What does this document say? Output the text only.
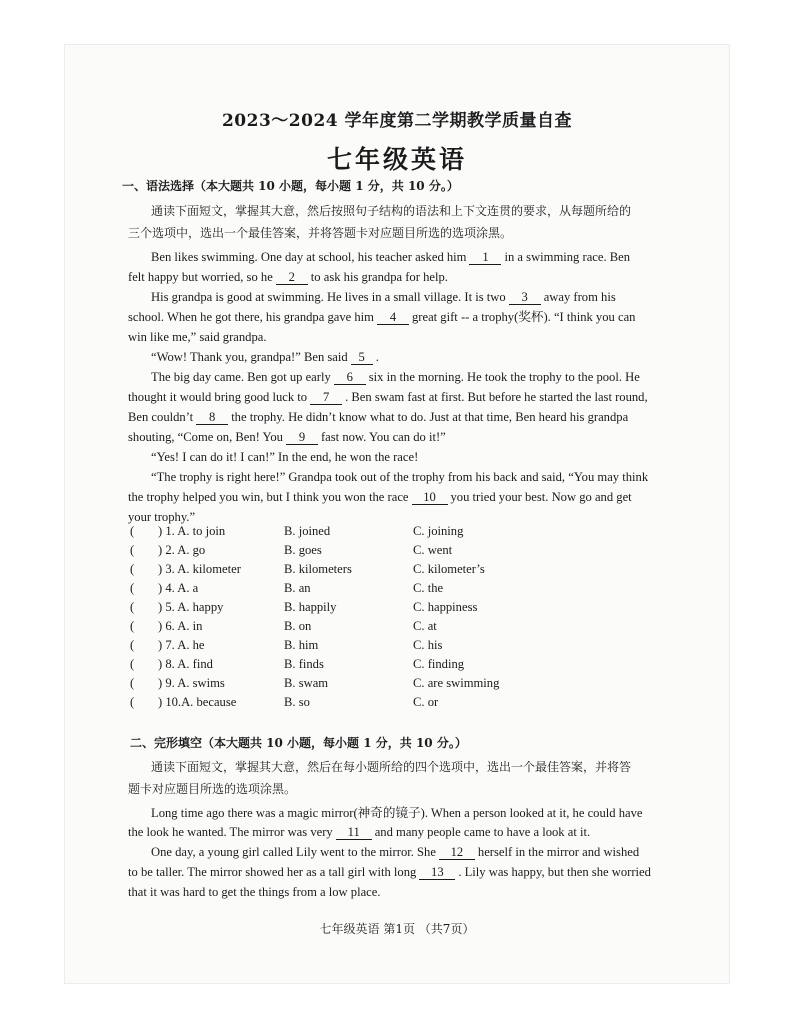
2023～2024 学年度第二学期教学质量自查
七年级英语
一、语法选择（本大题共 10 小题，每小题 1 分，共 10 分。）
通读下面短文，掌握其大意，然后按照句子结构的语法和上下文连贯的要求，从每题所给的
三个选项中，选出一个最佳答案，并将答题卡对应题目所选的选项涂黑。
Ben likes swimming. One day at school, his teacher asked him 1 in a swimming race. Ben
felt happy but worried, so he 2 to ask his grandpa for help.
His grandpa is good at swimming. He lives in a small village. It is two 3 away from his
school. When he got there, his grandpa gave him 4 great gift -- a trophy(奖杯). “I think you can
win like me,” said grandpa.
“Wow! Thank you, grandpa!” Ben said 5 .
The big day came. Ben got up early 6 six in the morning. He took the trophy to the pool. He
thought it would bring good luck to 7 . Ben swam fast at first. But before he started the last round,
Ben couldn’t 8 the trophy. He didn’t know what to do. Just at that time, Ben heard his grandpa
shouting, “Come on, Ben! You 9 fast now. You can do it!”
“Yes! I can do it! I can!” In the end, he won the race!
“The trophy is right here!” Grandpa took out of the trophy from his back and said, “You may think
the trophy helped you win, but I think you won the race 10 you tried your best. Now go and get
your trophy.”
( ) 1. A. to join	B. joined	C. joining
( ) 2. A. go	B. goes	C. went
( ) 3. A. kilometer	B. kilometers	C. kilometer’s
( ) 4. A. a	B. an	C. the
( ) 5. A. happy	B. happily	C. happiness
( ) 6. A. in	B. on	C. at
( ) 7. A. he	B. him	C. his
( ) 8. A. find	B. finds	C. finding
( ) 9. A. swims	B. swam	C. are swimming
( ) 10.A. because	B. so	C. or
二、完形填空（本大题共 10 小题，每小题 1 分，共 10 分。）
通读下面短文，掌握其大意，然后在每小题所给的四个选项中，选出一个最佳答案，并将答
题卡对应题目所选的选项涂黑。
Long time ago there was a magic mirror(神奇的镜子). When a person looked at it, he could have
the look he wanted. The mirror was very 11 and many people came to have a look at it.
One day, a young girl called Lily went to the mirror. She 12 herself in the mirror and wished
to be taller. The mirror showed her as a tall girl with long 13 . Lily was happy, but then she worried
that it was hard to get the things from a low place.
七年级英语 第1页 （共7页）
